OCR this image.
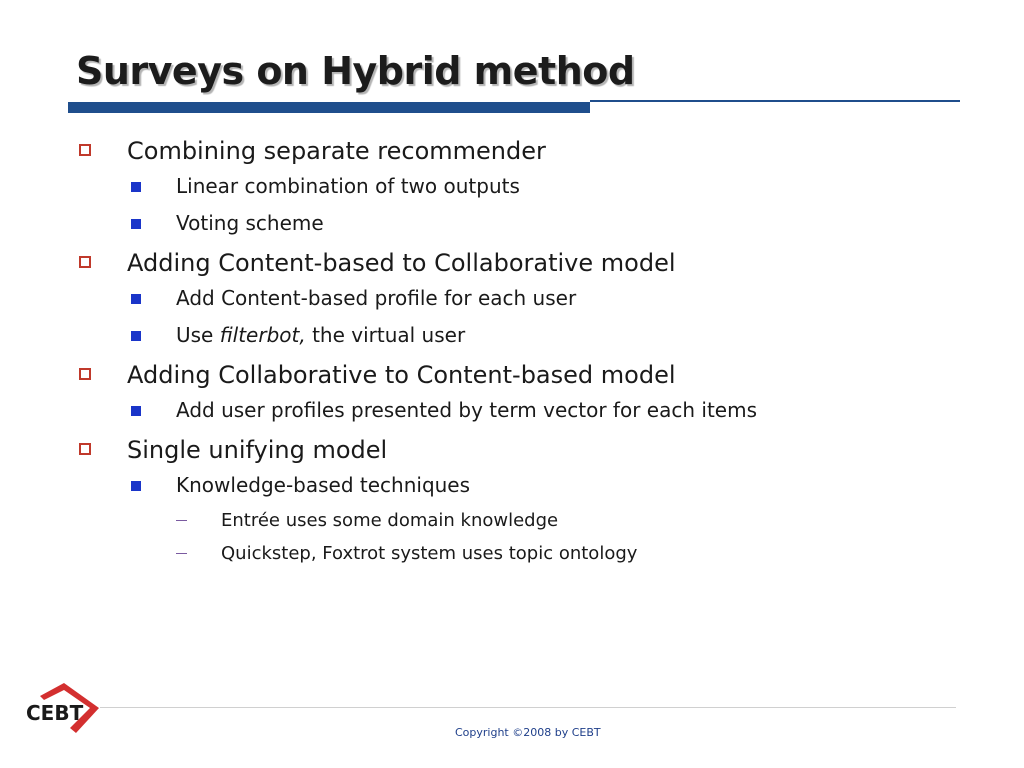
Surveys on Hybrid method
Combining separate recommender
Linear combination of two outputs
Voting scheme
Adding Content-based to Collaborative model
Add Content-based profile for each user
Use filterbot, the virtual user
Adding Collaborative to Content-based model
Add user profiles presented by term vector for each items
Single unifying model
Knowledge-based techniques
Entrée uses some domain knowledge
Quickstep, Foxtrot system uses topic ontology
CEBT
Copyright ©2008 by CEBT
